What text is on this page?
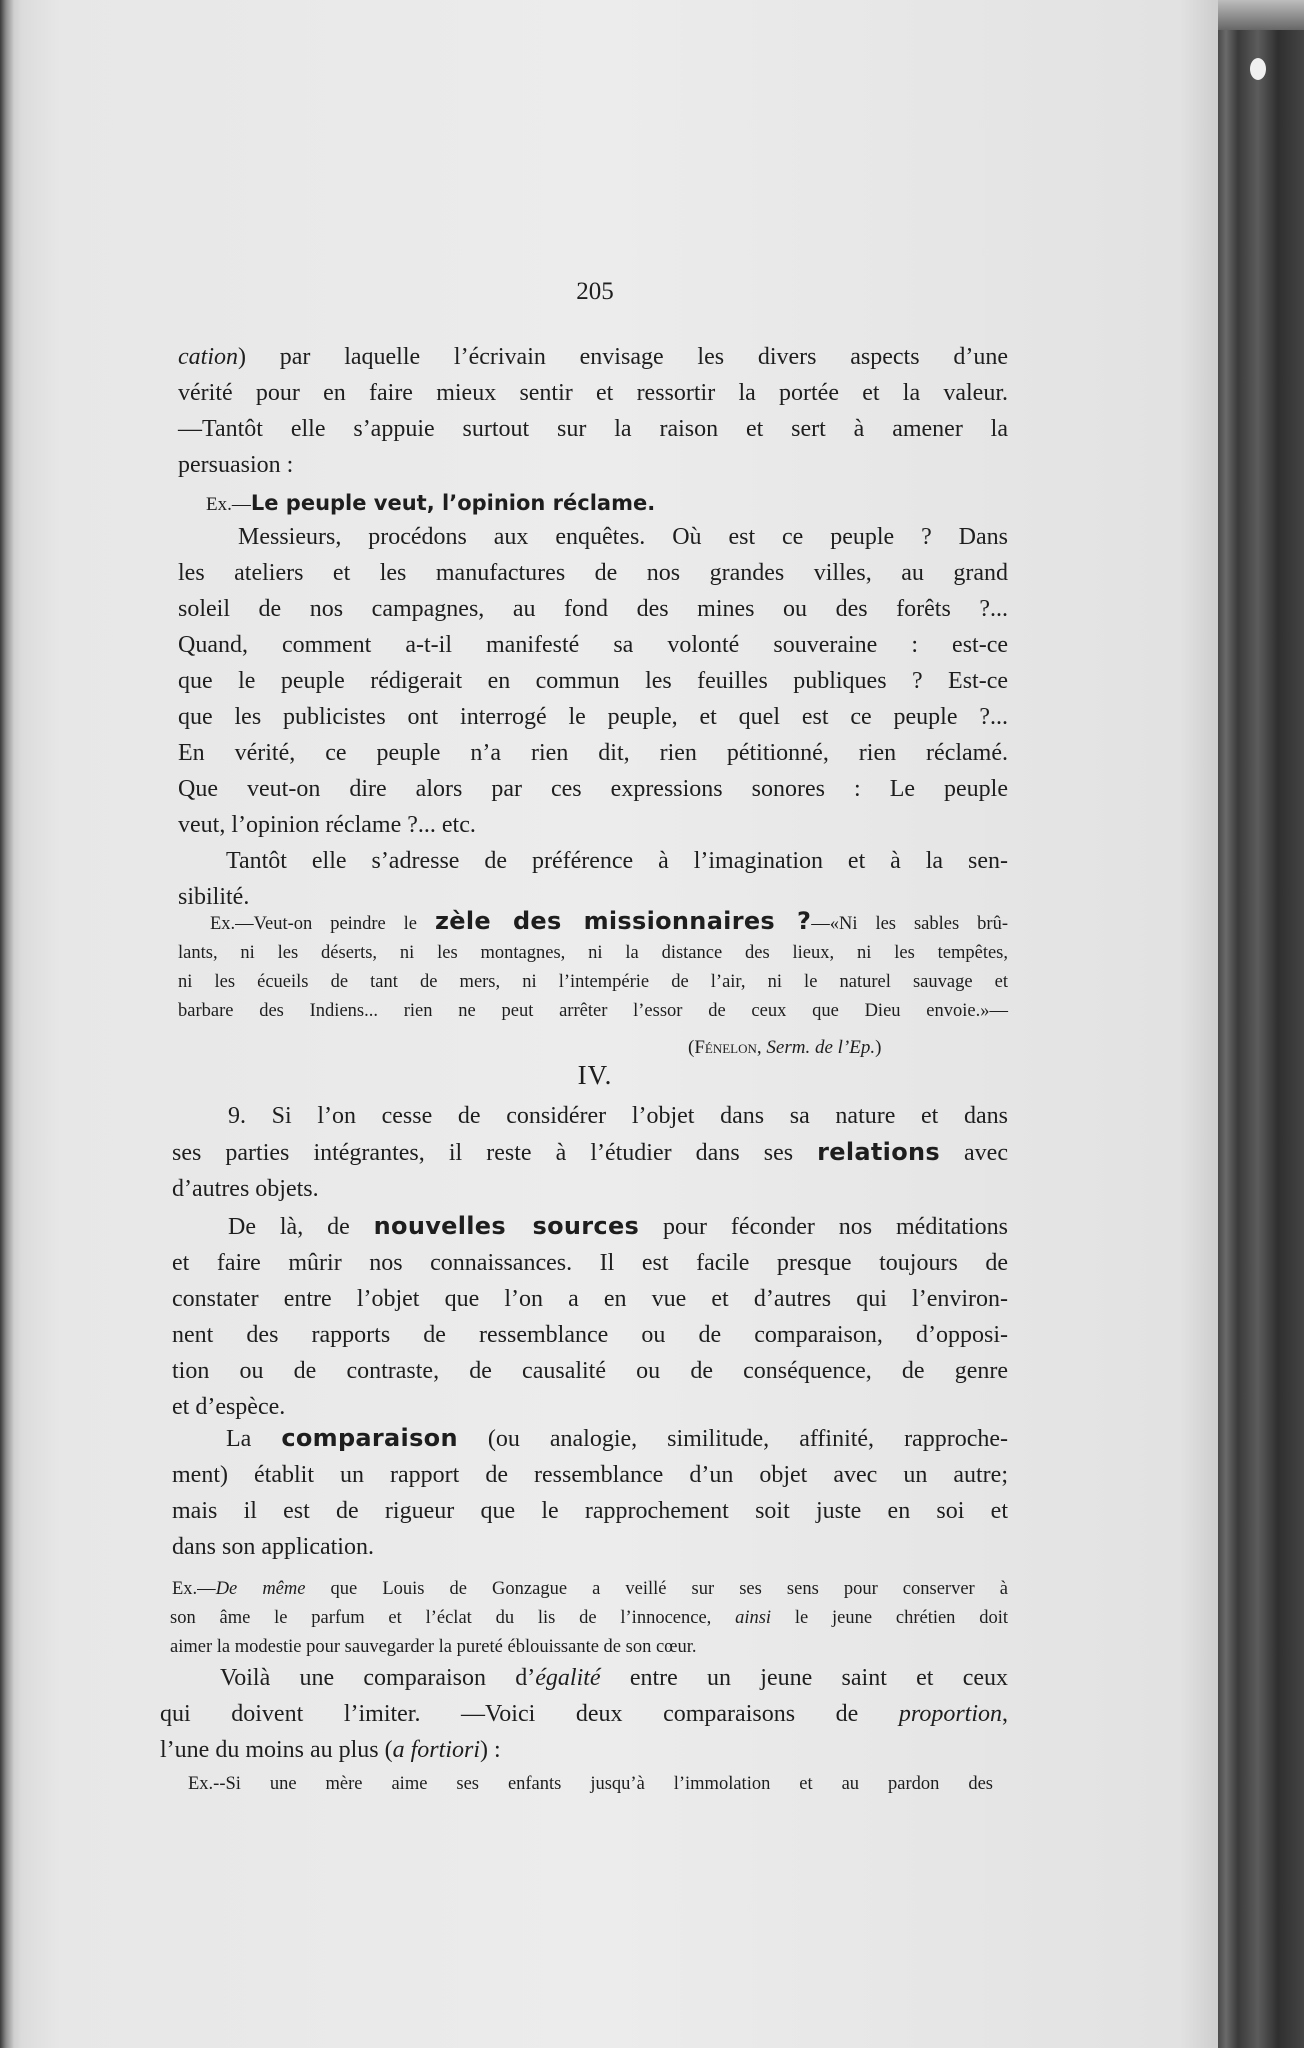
205
cation) par laquelle l’écrivain envisage les divers aspects d’une
vérité pour en faire mieux sentir et ressortir la portée et la valeur.
—Tantôt elle s’appuie surtout sur la raison et sert à amener la
persuasion :
Ex.—Le peuple veut, l’opinion réclame.
Messieurs, procédons aux enquêtes. Où est ce peuple ? Dans
les ateliers et les manufactures de nos grandes villes, au grand
soleil de nos campagnes, au fond des mines ou des forêts ?...
Quand, comment a-t-il manifesté sa volonté souveraine : est-ce
que le peuple rédigerait en commun les feuilles publiques ? Est-ce
que les publicistes ont interrogé le peuple, et quel est ce peuple ?...
En vérité, ce peuple n’a rien dit, rien pétitionné, rien réclamé.
Que veut-on dire alors par ces expressions sonores : Le peuple
veut, l’opinion réclame ?... etc.
Tantôt elle s’adresse de préférence à l’imagination et à la sen-
sibilité.
Ex.—Veut-on peindre le zèle des missionnaires ?—«Ni les sables brû-
lants, ni les déserts, ni les montagnes, ni la distance des lieux, ni les tempêtes,
ni les écueils de tant de mers, ni l’intempérie de l’air, ni le naturel sauvage et
barbare des Indiens... rien ne peut arrêter l’essor de ceux que Dieu envoie.»—
(Fénelon, Serm. de l’Ep.)
IV.
9. Si l’on cesse de considérer l’objet dans sa nature et dans
ses parties intégrantes, il reste à l’étudier dans ses relations avec
d’autres objets.
De là, de nouvelles sources pour féconder nos méditations
et faire mûrir nos connaissances. Il est facile presque toujours de
constater entre l’objet que l’on a en vue et d’autres qui l’environ-
nent des rapports de ressemblance ou de comparaison, d’opposi-
tion ou de contraste, de causalité ou de conséquence, de genre
et d’espèce.
La comparaison (ou analogie, similitude, affinité, rapproche-
ment) établit un rapport de ressemblance d’un objet avec un autre;
mais il est de rigueur que le rapprochement soit juste en soi et
dans son application.
Ex.—De même que Louis de Gonzague a veillé sur ses sens pour conserver à
son âme le parfum et l’éclat du lis de l’innocence, ainsi le jeune chrétien doit
aimer la modestie pour sauvegarder la pureté éblouissante de son cœur.
Voilà une comparaison d’égalité entre un jeune saint et ceux
qui doivent l’imiter. —Voici deux comparaisons de proportion,
l’une du moins au plus (a fortiori) :
Ex.--Si une mère aime ses enfants jusqu’à l’immolation et au pardon des
